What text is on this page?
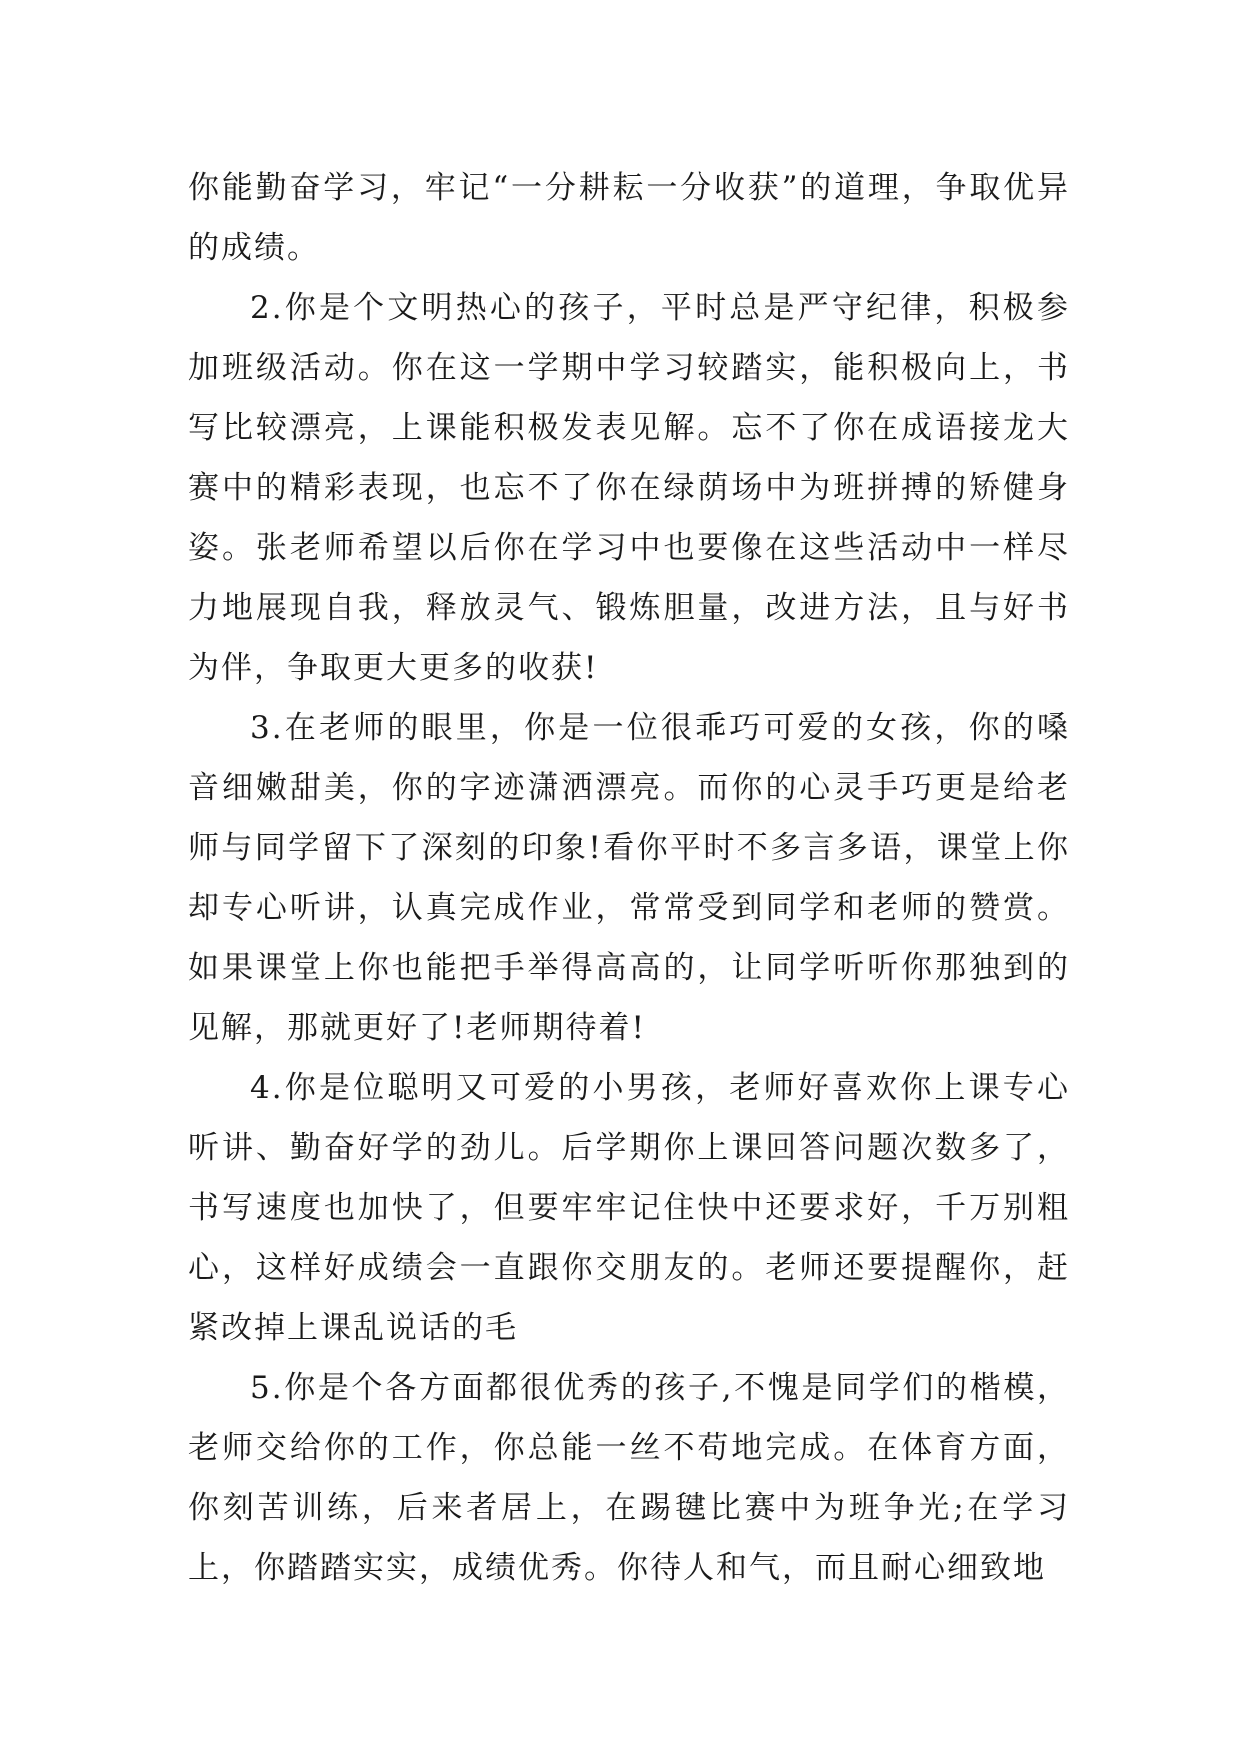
你能勤奋学习，牢记“一分耕耘一分收获”的道理，争取优异的成绩。

2.你是个文明热心的孩子，平时总是严守纪律，积极参加班级活动。你在这一学期中学习较踏实，能积极向上，书写比较漂亮，上课能积极发表见解。忘不了你在成语接龙大赛中的精彩表现，也忘不了你在绿荫场中为班拼搏的矫健身姿。张老师希望以后你在学习中也要像在这些活动中一样尽力地展现自我，释放灵气、锻炼胆量，改进方法，且与好书为伴，争取更大更多的收获!

3.在老师的眼里，你是一位很乖巧可爱的女孩，你的嗓音细嫩甜美，你的字迹潇洒漂亮。而你的心灵手巧更是给老师与同学留下了深刻的印象!看你平时不多言多语，课堂上你却专心听讲，认真完成作业，常常受到同学和老师的赞赏。如果课堂上你也能把手举得高高的，让同学听听你那独到的见解，那就更好了!老师期待着!

4.你是位聪明又可爱的小男孩，老师好喜欢你上课专心听讲、勤奋好学的劲儿。后学期你上课回答问题次数多了，书写速度也加快了，但要牢牢记住快中还要求好，千万别粗心，这样好成绩会一直跟你交朋友的。老师还要提醒你，赶紧改掉上课乱说话的毛

5.你是个各方面都很优秀的孩子,不愧是同学们的楷模，老师交给你的工作，你总能一丝不苟地完成。在体育方面，你刻苦训练，后来者居上，在踢毽比赛中为班争光;在学习上，你踏踏实实，成绩优秀。你待人和气，而且耐心细致地
